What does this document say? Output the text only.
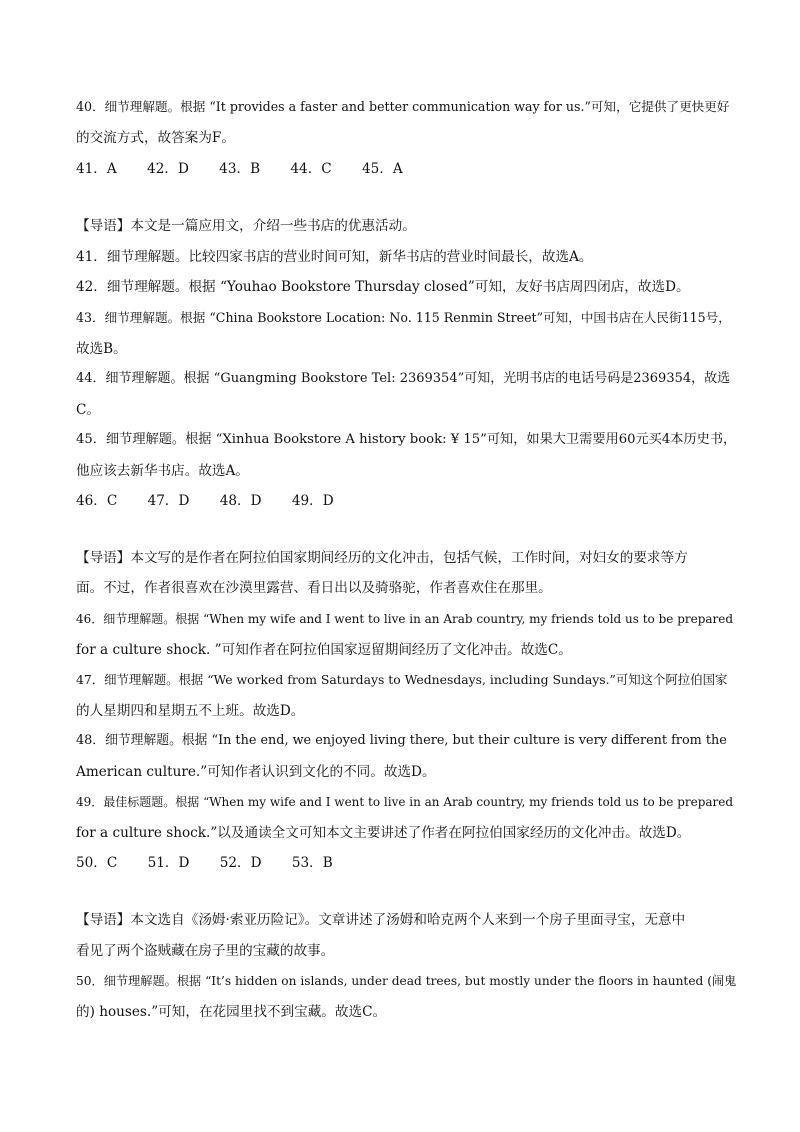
40．细节理解题。根据 “It provides a faster and better communication way for us.”可知，它提供了更快更好
的交流方式，故答案为F。
41．A 42．D 43．B 44．C 45．A
【导语】本文是一篇应用文，介绍一些书店的优惠活动。
41．细节理解题。比较四家书店的营业时间可知，新华书店的营业时间最长，故选A。
42．细节理解题。根据 “Youhao Bookstore Thursday closed”可知，友好书店周四闭店，故选D。
43．细节理解题。根据 “China Bookstore Location: No. 115 Renmin Street”可知，中国书店在人民街115号，
故选B。
44．细节理解题。根据 “Guangming Bookstore Tel: 2369354”可知，光明书店的电话号码是2369354，故选
C。
45．细节理解题。根据 “Xinhua Bookstore A history book: ¥ 15”可知，如果大卫需要用60元买4本历史书，
他应该去新华书店。故选A。
46．C 47．D 48．D 49．D
【导语】本文写的是作者在阿拉伯国家期间经历的文化冲击，包括气候，工作时间，对妇女的要求等方
面。不过，作者很喜欢在沙漠里露营、看日出以及骑骆驼，作者喜欢住在那里。
46．细节理解题。根据 “When my wife and I went to live in an Arab country, my friends told us to be prepared
for a culture shock. ”可知作者在阿拉伯国家逗留期间经历了文化冲击。故选C。
47．细节理解题。根据 “We worked from Saturdays to Wednesdays, including Sundays.”可知这个阿拉伯国家
的人星期四和星期五不上班。故选D。
48．细节理解题。根据 “In the end, we enjoyed living there, but their culture is very different from the
American culture.”可知作者认识到文化的不同。故选D。
49．最佳标题题。根据 “When my wife and I went to live in an Arab country, my friends told us to be prepared
for a culture shock.”以及通读全文可知本文主要讲述了作者在阿拉伯国家经历的文化冲击。故选D。
50．C 51．D 52．D 53．B
【导语】本文选自《汤姆·索亚历险记》。文章讲述了汤姆和哈克两个人来到一个房子里面寻宝，无意中
看见了两个盗贼藏在房子里的宝藏的故事。
50．细节理解题。根据 “It’s hidden on islands, under dead trees, but mostly under the floors in haunted (闹鬼
的) houses.”可知，在花园里找不到宝藏。故选C。
